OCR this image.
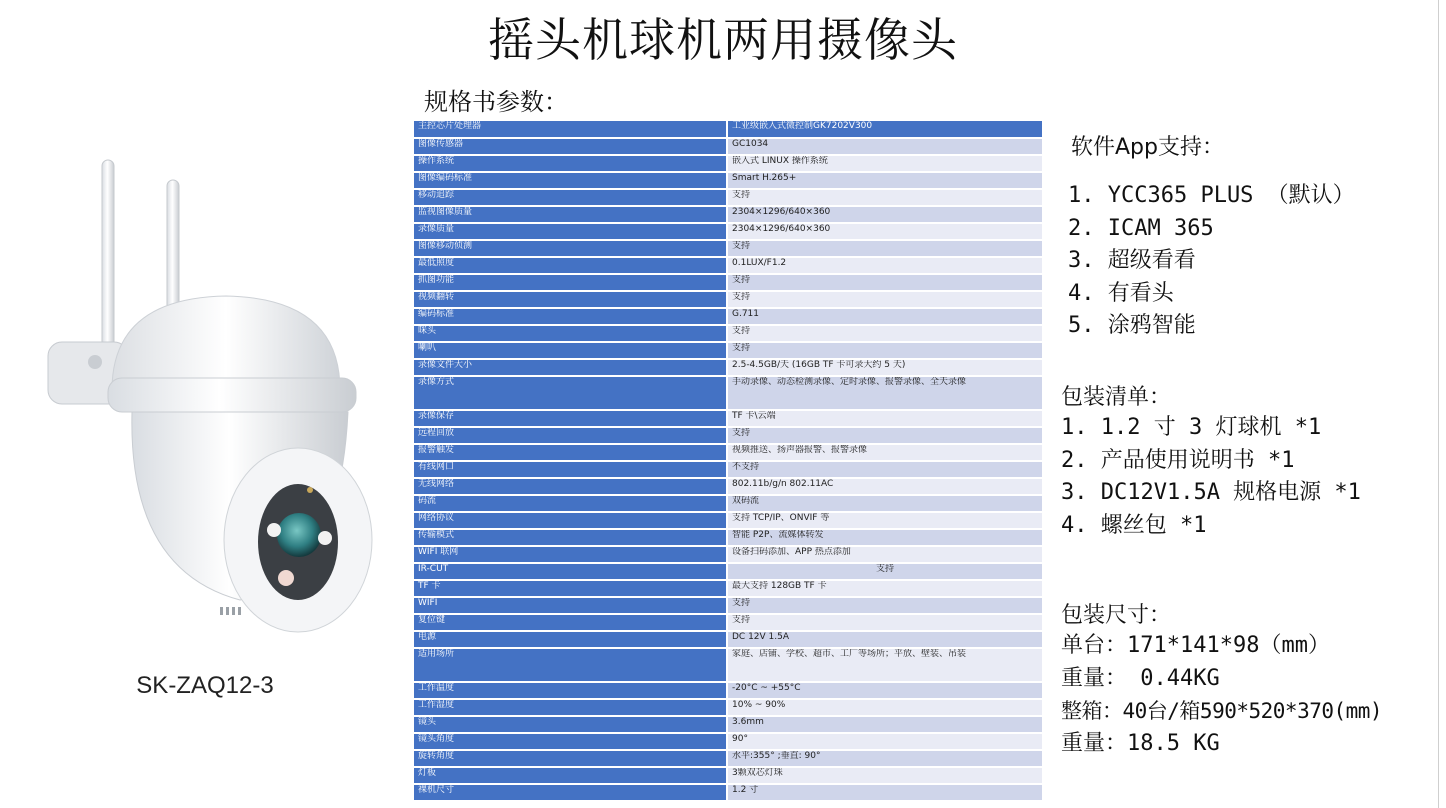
摇头机球机两用摄像头
规格书参数：
SK-ZAQ12-3
主控芯片处理器	工业级嵌入式微控制GK7202V300
图像传感器	GC1034
操作系统	嵌入式 LINUX 操作系统
图像编码标准	Smart H.265+
移动追踪	支持
监视图像质量	2304×1296/640×360
录像质量	2304×1296/640×360
图像移动侦测	支持
最低照度	0.1LUX/F1.2
抓图功能	支持
视频翻转	支持
编码标准	G.711
咪头	支持
喇叭	支持
录像文件大小	2.5-4.5GB/天 (16GB TF 卡可录大约 5 天)
录像方式	手动录像、动态检测录像、定时录像、报警录像、全天录像
录像保存	TF 卡\云端
远程回放	支持
报警触发	视频推送、扬声器报警、报警录像
有线网口	不支持
无线网络	802.11b/g/n 802.11AC
码流	双码流
网络协议	支持 TCP/IP、ONVIF 等
传输模式	智能 P2P、流媒体转发
WIFI 联网	设备扫码添加、APP 热点添加
IR-CUT	支持
TF 卡	最大支持 128GB TF 卡
WIFI	支持
复位键	支持
电源	DC 12V 1.5A
适用场所	家庭、店铺、学校、超市、工厂等场所；平放、壁装、吊装
工作温度	-20°C ~ +55°C
工作湿度	10% ~ 90%
镜头	3.6mm
镜头角度	90°
旋转角度	水平:355° ;垂直: 90°
灯板	3颗双芯灯珠
裸机尺寸	1.2 寸
软件App支持：
1. YCC365 PLUS （默认）
2. ICAM 365
3. 超级看看
4. 有看头
5. 涂鸦智能
包装清单：
1. 1.2 寸 3 灯球机 *1
2. 产品使用说明书 *1
3. DC12V1.5A 规格电源 *1
4. 螺丝包 *1
包装尺寸：
单台：171*141*98（mm）
重量： 0.44KG
整箱：40台/箱590*520*370(mm)
重量：18.5 KG
